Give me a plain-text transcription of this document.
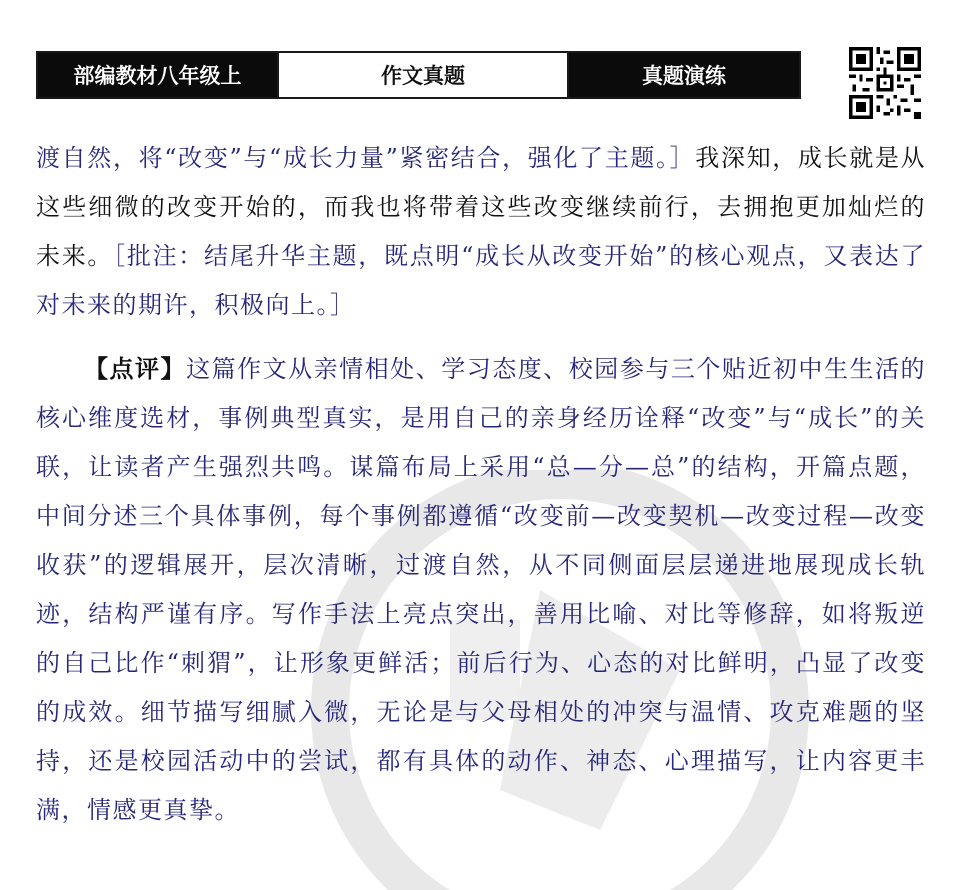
部编教材八年级上	作文真题	真题演练

渡自然，将“改变”与“成长力量”紧密结合，强化了主题。］我深知，成长就是从这些细微的改变开始的，而我也将带着这些改变继续前行，去拥抱更加灿烂的未来。［批注：结尾升华主题，既点明“成长从改变开始”的核心观点，又表达了对未来的期许，积极向上。］

【点评】这篇作文从亲情相处、学习态度、校园参与三个贴近初中生生活的核心维度选材，事例典型真实，是用自己的亲身经历诠释“改变”与“成长”的关联，让读者产生强烈共鸣。谋篇布局上采用“总—分—总”的结构，开篇点题，中间分述三个具体事例，每个事例都遵循“改变前—改变契机—改变过程—改变收获”的逻辑展开，层次清晰，过渡自然，从不同侧面层层递进地展现成长轨迹，结构严谨有序。写作手法上亮点突出，善用比喻、对比等修辞，如将叛逆的自己比作“刺猬”，让形象更鲜活；前后行为、心态的对比鲜明，凸显了改变的成效。细节描写细腻入微，无论是与父母相处的冲突与温情、攻克难题的坚持，还是校园活动中的尝试，都有具体的动作、神态、心理描写，让内容更丰满，情感更真挚。
